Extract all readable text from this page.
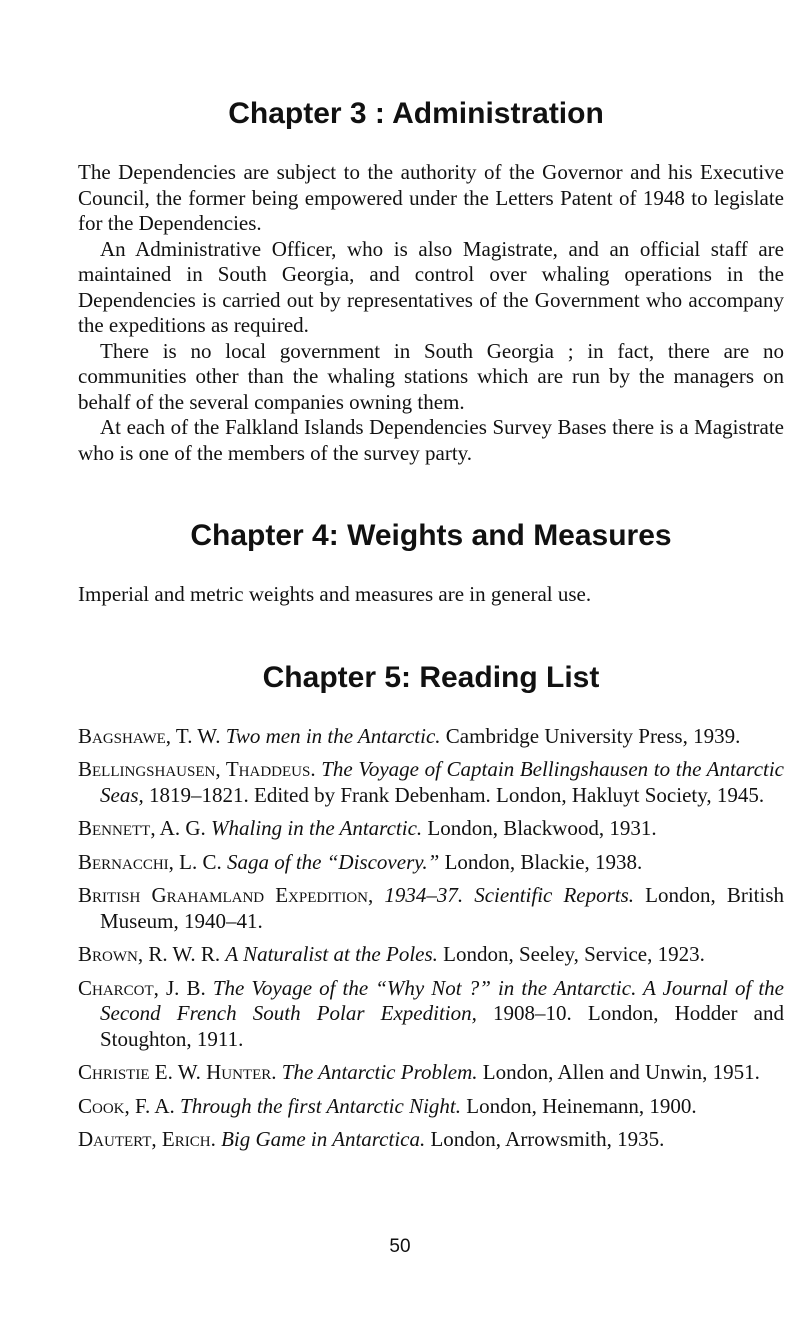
Chapter 3 : Administration

The Dependencies are subject to the authority of the Governor and his Executive Council, the former being empowered under the Letters Patent of 1948 to legislate for the Dependencies.

An Administrative Officer, who is also Magistrate, and an official staff are maintained in South Georgia, and control over whaling operations in the Dependencies is carried out by representatives of the Government who accompany the expeditions as required.

There is no local government in South Georgia ; in fact, there are no communities other than the whaling stations which are run by the managers on behalf of the several companies owning them.

At each of the Falkland Islands Dependencies Survey Bases there is a Magistrate who is one of the members of the survey party.

Chapter 4: Weights and Measures

Imperial and metric weights and measures are in general use.

Chapter 5: Reading List

Bagshawe, T. W. Two men in the Antarctic. Cambridge University Press, 1939.

Bellingshausen, Thaddeus. The Voyage of Captain Bellingshausen to the Antarctic Seas, 1819–1821. Edited by Frank Debenham. London, Hakluyt Society, 1945.

Bennett, A. G. Whaling in the Antarctic. London, Blackwood, 1931.

Bernacchi, L. C. Saga of the “Discovery.” London, Blackie, 1938.

British Grahamland Expedition, 1934–37. Scientific Reports. London, British Museum, 1940–41.

Brown, R. W. R. A Naturalist at the Poles. London, Seeley, Service, 1923.

Charcot, J. B. The Voyage of the “Why Not ?” in the Antarctic. A Journal of the Second French South Polar Expedition, 1908–10. London, Hodder and Stoughton, 1911.

Christie E. W. Hunter. The Antarctic Problem. London, Allen and Unwin, 1951.

Cook, F. A. Through the first Antarctic Night. London, Heinemann, 1900.

Dautert, Erich. Big Game in Antarctica. London, Arrowsmith, 1935.

50
